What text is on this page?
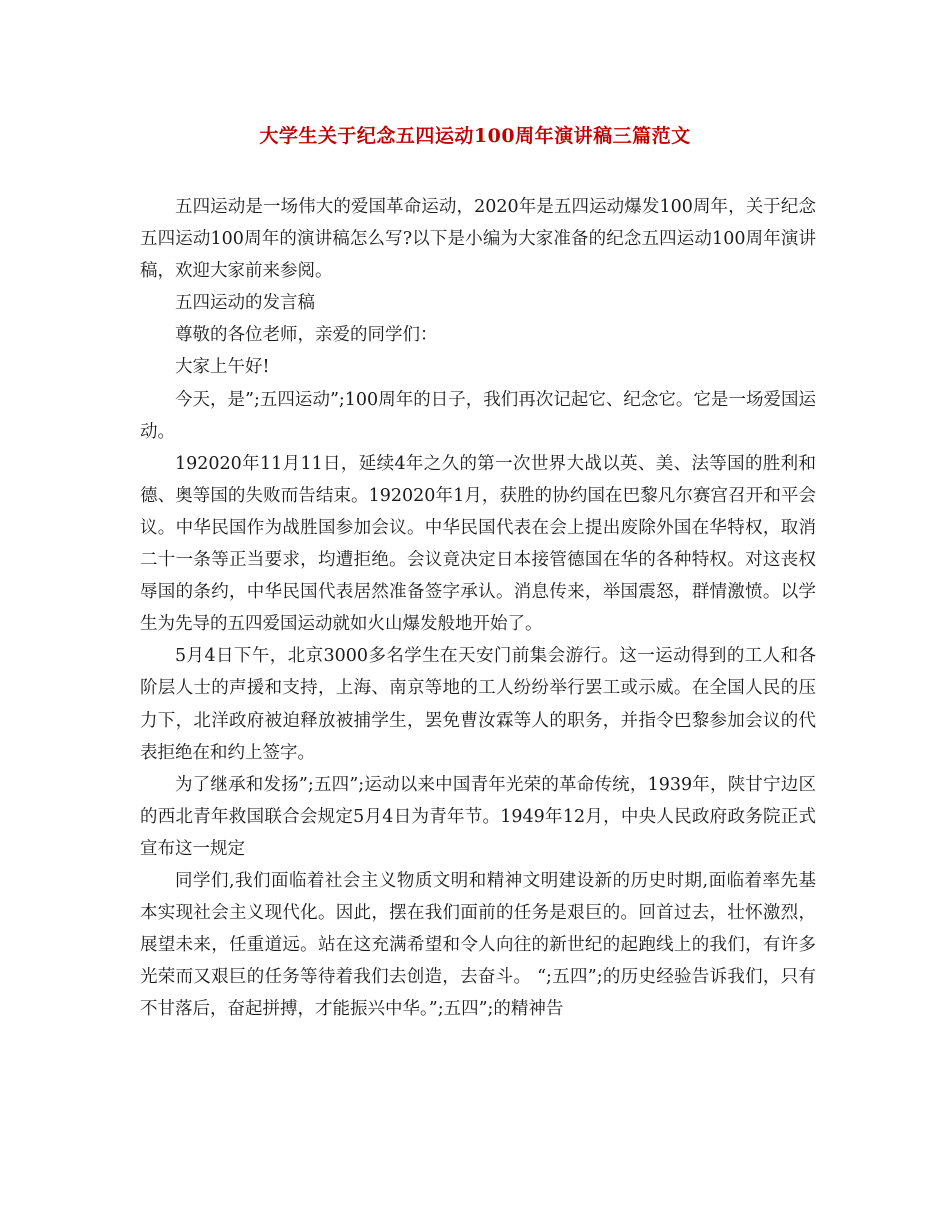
大学生关于纪念五四运动100周年演讲稿三篇范文

五四运动是一场伟大的爱国革命运动，2020年是五四运动爆发100周年，关于纪念五四运动100周年的演讲稿怎么写?以下是小编为大家准备的纪念五四运动100周年演讲稿，欢迎大家前来参阅。

五四运动的发言稿

尊敬的各位老师，亲爱的同学们：

大家上午好!

今天，是”;五四运动”;100周年的日子，我们再次记起它、纪念它。它是一场爱国运动。

192020年11月11日，延续4年之久的第一次世界大战以英、美、法等国的胜利和德、奥等国的失败而告结束。192020年1月，获胜的协约国在巴黎凡尔赛宫召开和平会议。中华民国作为战胜国参加会议。中华民国代表在会上提出废除外国在华特权，取消二十一条等正当要求，均遭拒绝。会议竟决定日本接管德国在华的各种特权。对这丧权辱国的条约，中华民国代表居然准备签字承认。消息传来，举国震怒，群情激愤。以学生为先导的五四爱国运动就如火山爆发般地开始了。

5月4日下午，北京3000多名学生在天安门前集会游行。这一运动得到的工人和各阶层人士的声援和支持，上海、南京等地的工人纷纷举行罢工或示威。在全国人民的压力下，北洋政府被迫释放被捕学生，罢免曹汝霖等人的职务，并指令巴黎参加会议的代表拒绝在和约上签字。

为了继承和发扬”;五四”;运动以来中国青年光荣的革命传统，1939年，陕甘宁边区的西北青年救国联合会规定5月4日为青年节。1949年12月，中央人民政府政务院正式宣布这一规定

同学们,我们面临着社会主义物质文明和精神文明建设新的历史时期,面临着率先基本实现社会主义现代化。因此，摆在我们面前的任务是艰巨的。回首过去，壮怀激烈，展望未来，任重道远。站在这充满希望和令人向往的新世纪的起跑线上的我们，有许多光荣而又艰巨的任务等待着我们去创造，去奋斗。 “;五四”;的历史经验告诉我们，只有不甘落后，奋起拼搏，才能振兴中华。”;五四”;的精神告
